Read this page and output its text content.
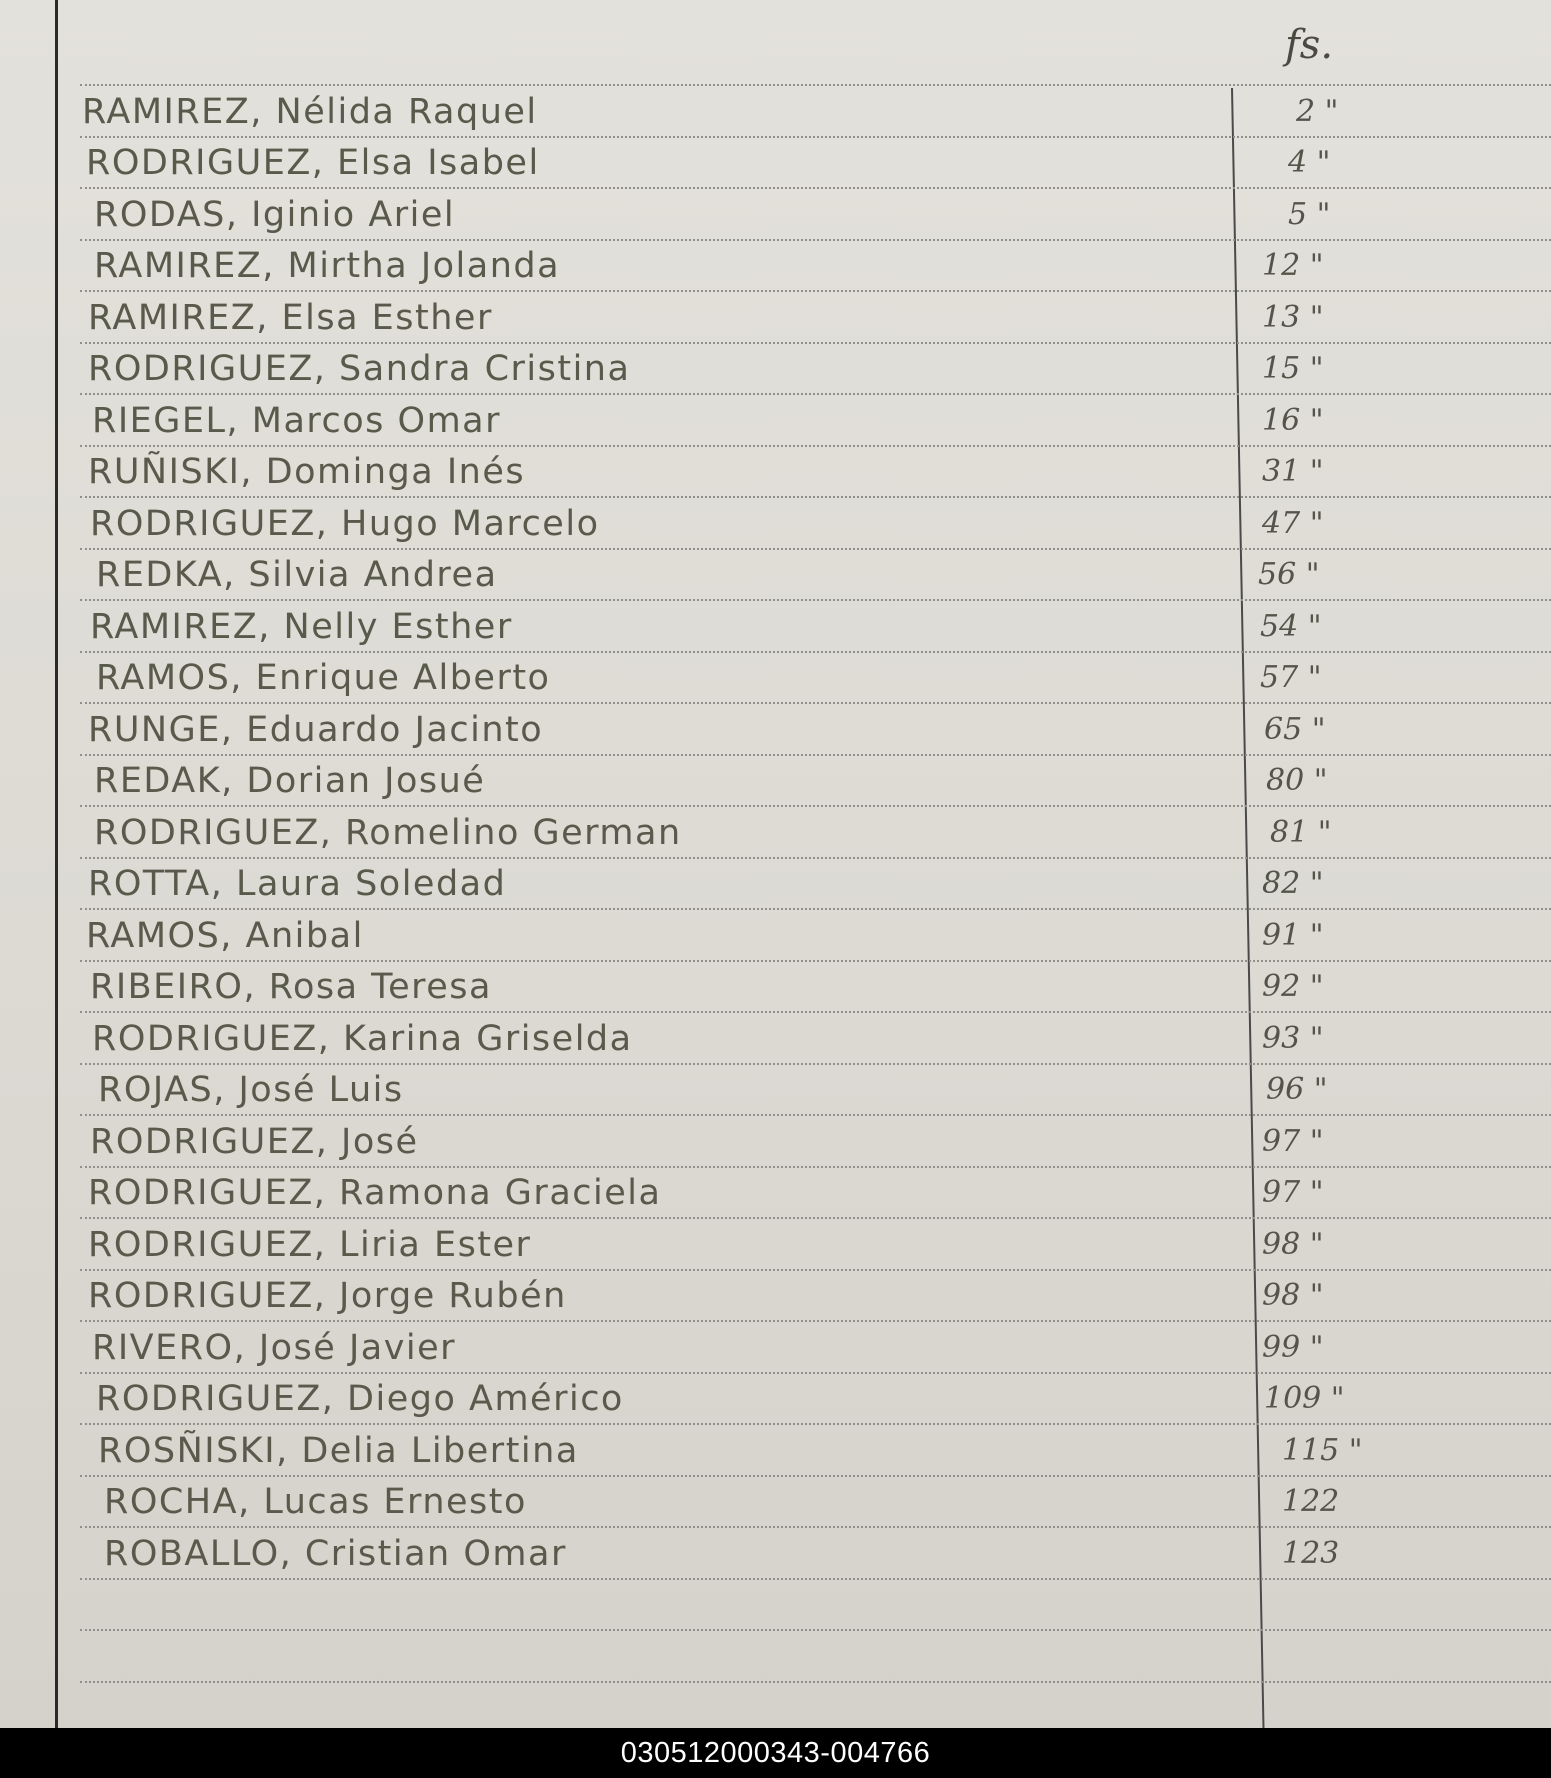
fs.
RAMIREZ, Nélida Raquel	2 "
RODRIGUEZ, Elsa Isabel	4 "
RODAS, Iginio Ariel	5 "
RAMIREZ, Mirtha Jolanda	12 "
RAMIREZ, Elsa Esther	13 "
RODRIGUEZ, Sandra Cristina	15 "
RIEGEL, Marcos Omar	16 "
RUÑISKI, Dominga Inés	31 "
RODRIGUEZ, Hugo Marcelo	47 "
REDKA, Silvia Andrea	56 "
RAMIREZ, Nelly Esther	54 "
RAMOS, Enrique Alberto	57 "
RUNGE, Eduardo Jacinto	65 "
REDAK, Dorian Josué	80 "
RODRIGUEZ, Romelino German	81 "
ROTTA, Laura Soledad	82 "
RAMOS, Anibal	91 "
RIBEIRO, Rosa Teresa	92 "
RODRIGUEZ, Karina Griselda	93 "
ROJAS, José Luis	96 "
RODRIGUEZ, José	97 "
RODRIGUEZ, Ramona Graciela	97 "
RODRIGUEZ, Liria Ester	98 "
RODRIGUEZ, Jorge Rubén	98 "
RIVERO, José Javier	99 "
RODRIGUEZ, Diego Américo	109 "
ROSÑISKI, Delia Libertina	115 "
ROCHA, Lucas Ernesto	122
ROBALLO, Cristian Omar	123
030512000343-004766
